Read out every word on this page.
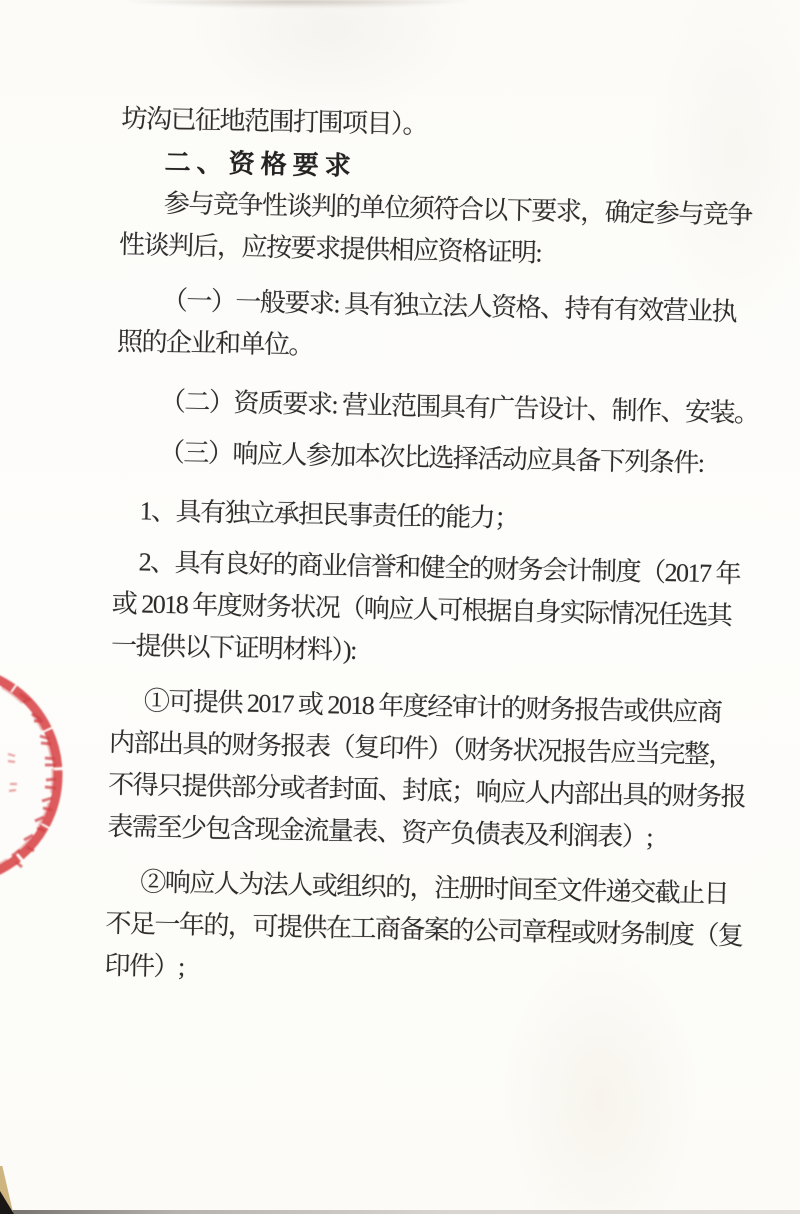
坊沟已征地范围打围项目）。
二、资格要求
参与竞争性谈判的单位须符合以下要求，确定参与竞争
性谈判后，应按要求提供相应资格证明:
（一）一般要求: 具有独立法人资格、持有有效营业执
照的企业和单位。
（二）资质要求: 营业范围具有广告设计、制作、安装。
（三）响应人参加本次比选择活动应具备下列条件:
1、具有独立承担民事责任的能力；
2、具有良好的商业信誉和健全的财务会计制度（2017 年
或 2018 年度财务状况（响应人可根据自身实际情况任选其
一提供以下证明材料）):
①可提供 2017 或 2018 年度经审计的财务报告或供应商
内部出具的财务报表（复印件）（财务状况报告应当完整，
不得只提供部分或者封面、封底；响应人内部出具的财务报
表需至少包含现金流量表、资产负债表及利润表）;
②响应人为法人或组织的，注册时间至文件递交截止日
不足一年的，可提供在工商备案的公司章程或财务制度（复
印件）;
